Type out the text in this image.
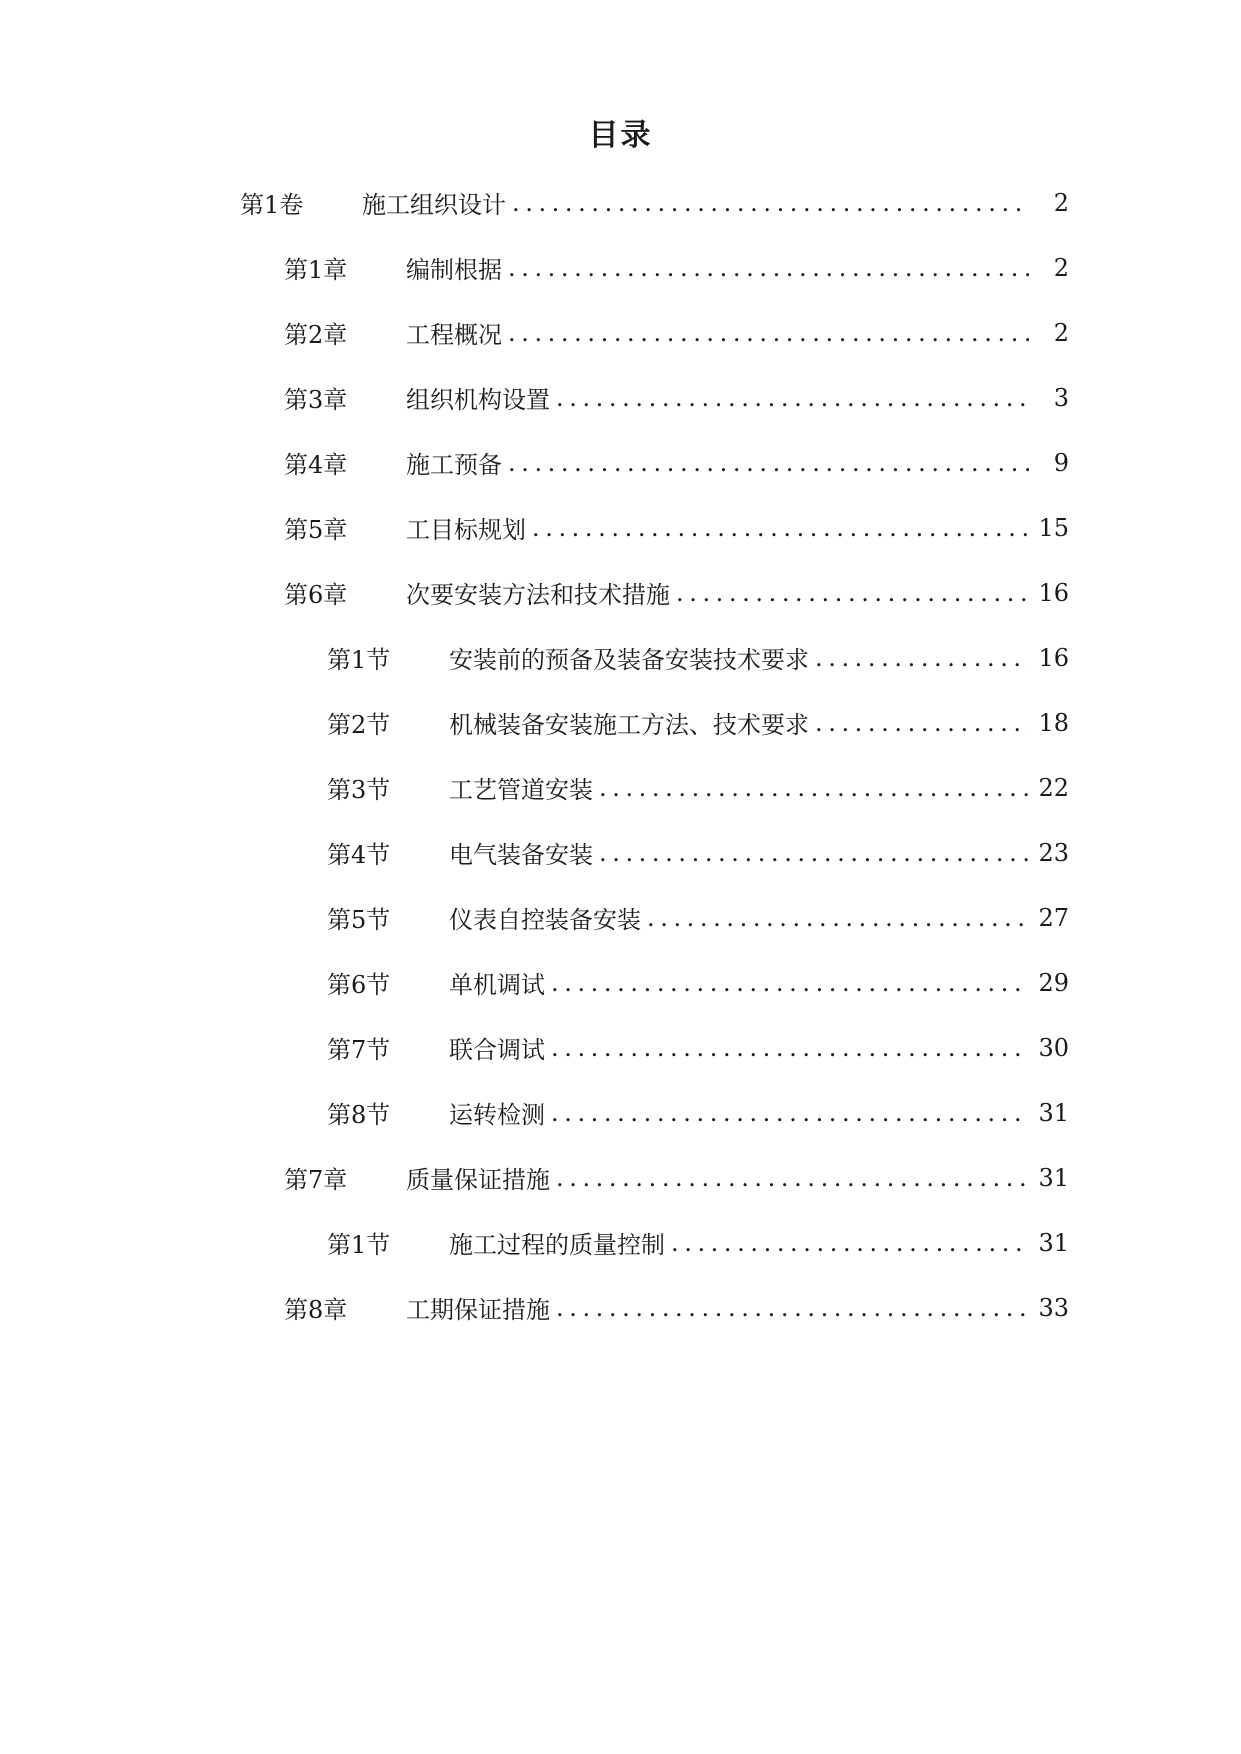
目录
第1卷	施工组织设计 .....	2
第1章	编制根据 .....	2
第2章	工程概况 .....	2
第3章	组织机构设置 .....	3
第4章	施工预备 .....	9
第5章	工目标规划 .....	15
第6章	次要安装方法和技术措施 .....	16
第1节	安装前的预备及装备安装技术要求 .....	16
第2节	机械装备安装施工方法、技术要求 .....	18
第3节	工艺管道安装 .....	22
第4节	电气装备安装 .....	23
第5节	仪表自控装备安装 .....	27
第6节	单机调试 .....	29
第7节	联合调试 .....	30
第8节	运转检测 .....	31
第7章	质量保证措施 .....	31
第1节	施工过程的质量控制 .....	31
第8章	工期保证措施 .....	33
